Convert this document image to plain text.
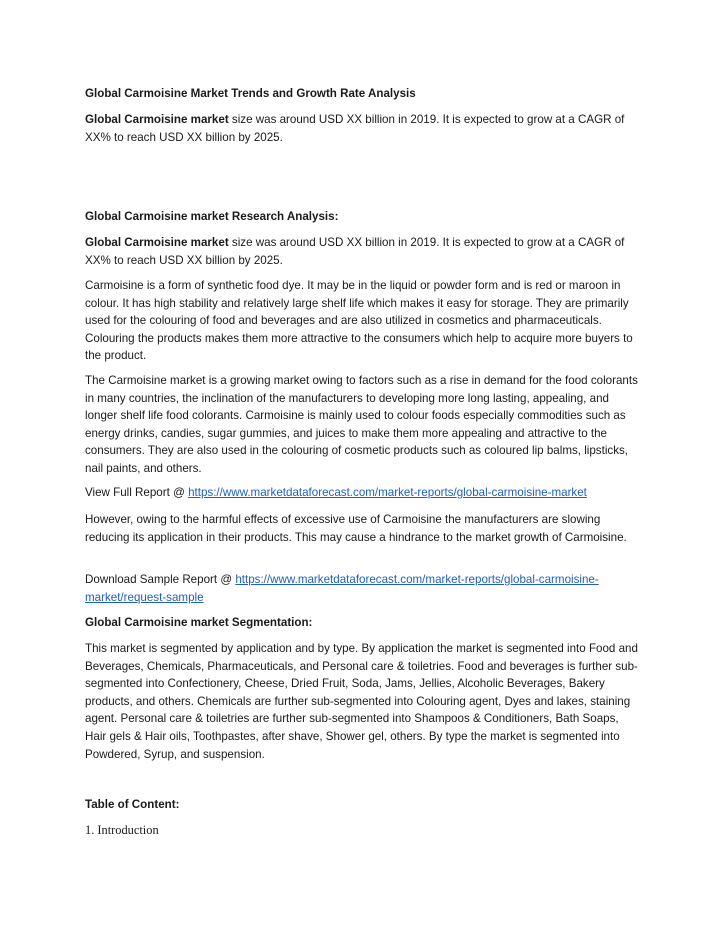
Global Carmoisine Market Trends and Growth Rate Analysis

Global Carmoisine market size was around USD XX billion in 2019. It is expected to grow at a CAGR of XX% to reach USD XX billion by 2025.

Global Carmoisine market Research Analysis:

Global Carmoisine market size was around USD XX billion in 2019. It is expected to grow at a CAGR of XX% to reach USD XX billion by 2025.

Carmoisine is a form of synthetic food dye. It may be in the liquid or powder form and is red or maroon in colour. It has high stability and relatively large shelf life which makes it easy for storage. They are primarily used for the colouring of food and beverages and are also utilized in cosmetics and pharmaceuticals. Colouring the products makes them more attractive to the consumers which help to acquire more buyers to the product.

The Carmoisine market is a growing market owing to factors such as a rise in demand for the food colorants in many countries, the inclination of the manufacturers to developing more long lasting, appealing, and longer shelf life food colorants. Carmoisine is mainly used to colour foods especially commodities such as energy drinks, candies, sugar gummies, and juices to make them more appealing and attractive to the consumers. They are also used in the colouring of cosmetic products such as coloured lip balms, lipsticks, nail paints, and others.

View Full Report @ https://www.marketdataforecast.com/market-reports/global-carmoisine-market

However, owing to the harmful effects of excessive use of Carmoisine the manufacturers are slowing reducing its application in their products. This may cause a hindrance to the market growth of Carmoisine.

Download Sample Report @ https://www.marketdataforecast.com/market-reports/global-carmoisine-market/request-sample

Global Carmoisine market Segmentation:

This market is segmented by application and by type. By application the market is segmented into Food and Beverages, Chemicals, Pharmaceuticals, and Personal care & toiletries. Food and beverages is further sub-segmented into Confectionery, Cheese, Dried Fruit, Soda, Jams, Jellies, Alcoholic Beverages, Bakery products, and others. Chemicals are further sub-segmented into Colouring agent, Dyes and lakes, staining agent. Personal care & toiletries are further sub-segmented into Shampoos & Conditioners, Bath Soaps, Hair gels & Hair oils, Toothpastes, after shave, Shower gel, others. By type the market is segmented into Powdered, Syrup, and suspension.

Table of Content:

1. Introduction
